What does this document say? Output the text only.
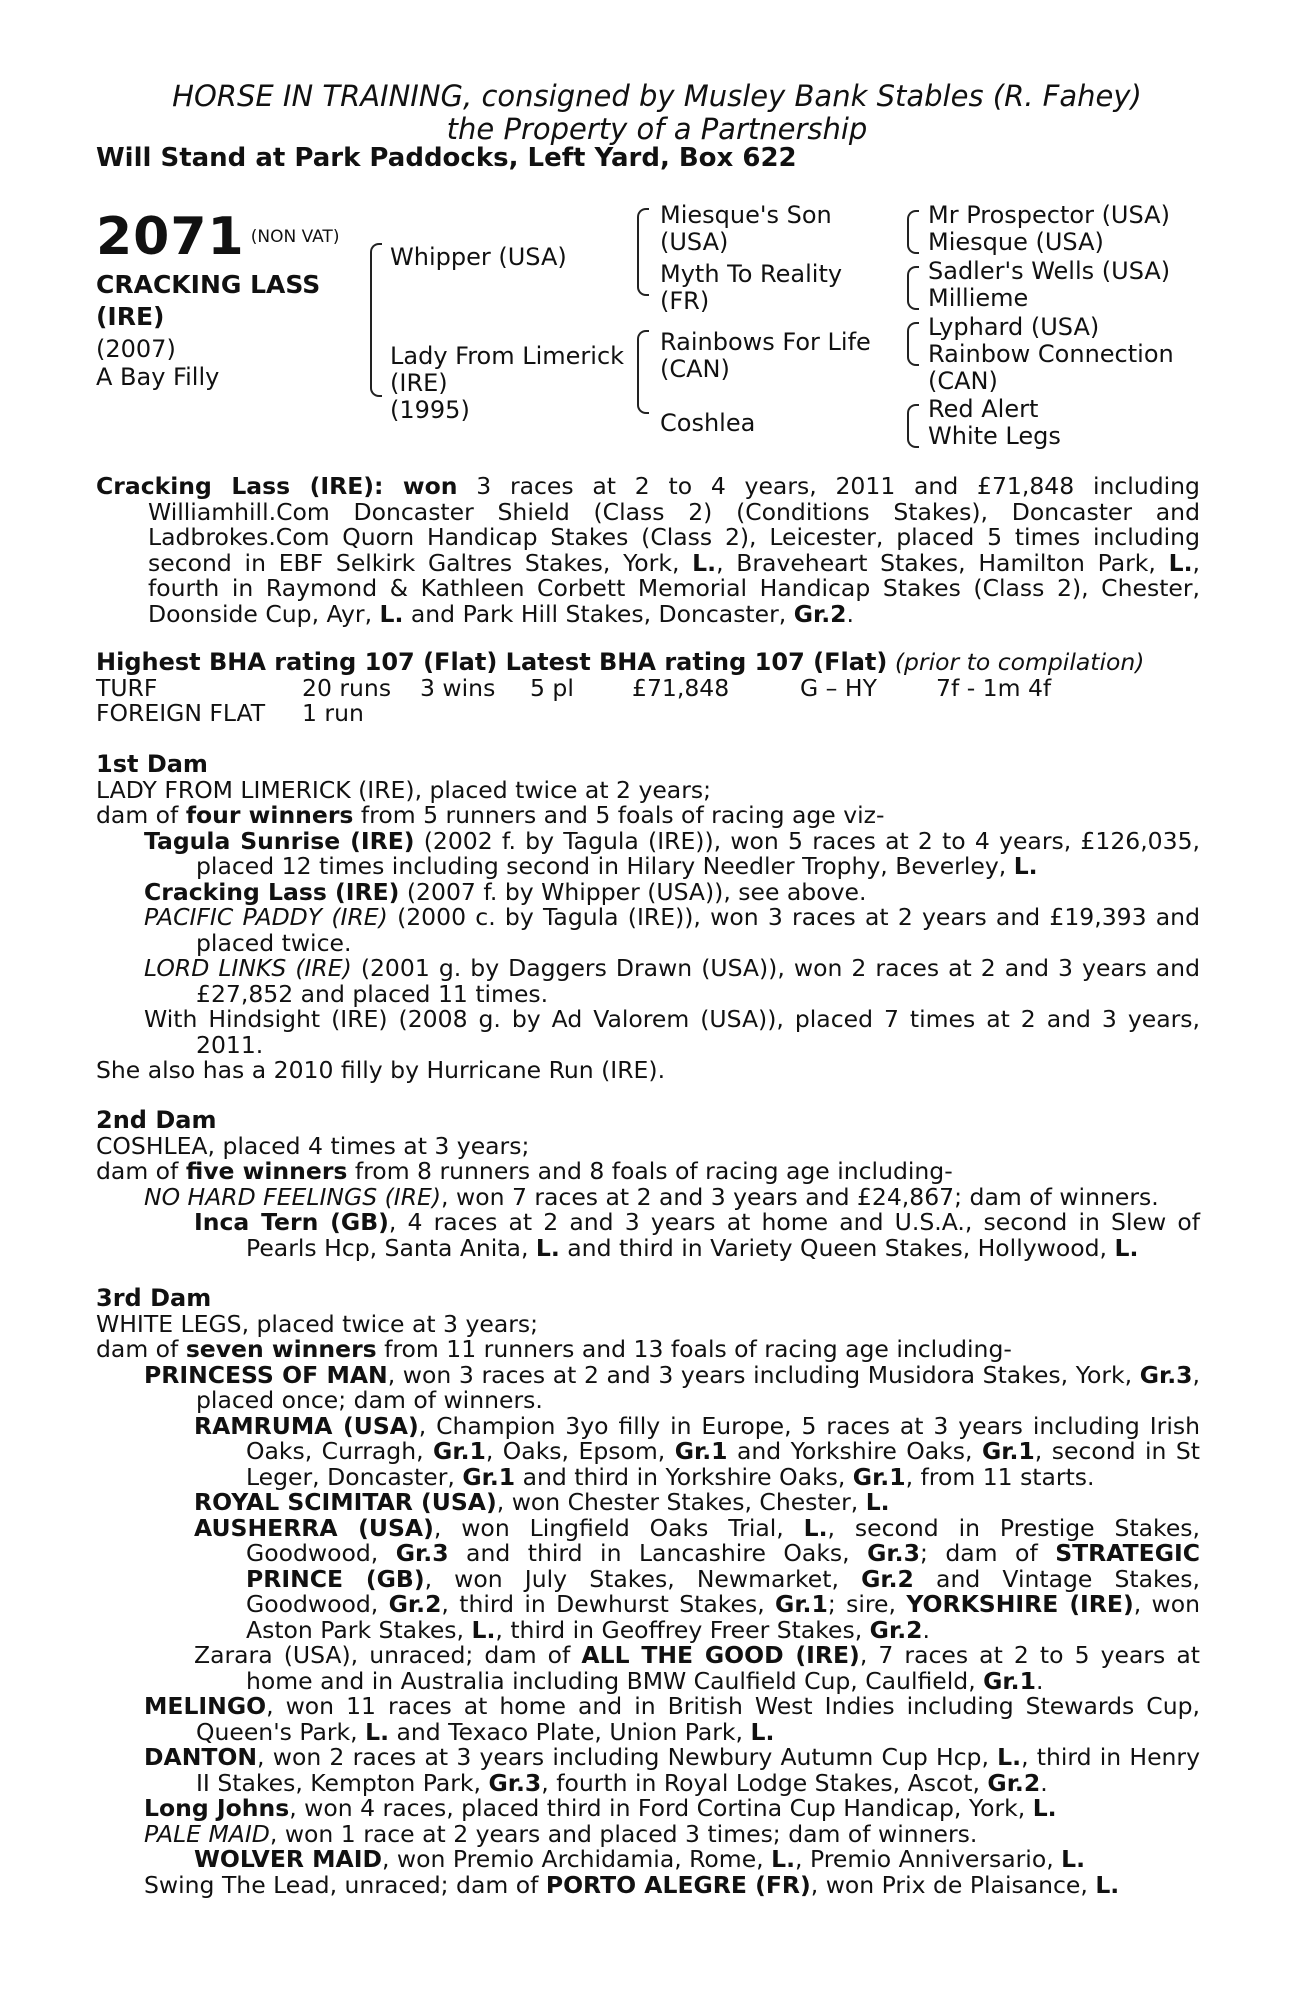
HORSE IN TRAINING, consigned by Musley Bank Stables (R. Fahey)
the Property of a Partnership
Will Stand at Park Paddocks, Left Yard, Box 622
2071 (NON VAT)
CRACKING LASS (IRE)
(2007)
A Bay Filly
Whipper (USA)
Lady From Limerick (IRE)
(1995)
Miesque's Son (USA)
Myth To Reality (FR)
Rainbows For Life (CAN)
Coshlea
Mr Prospector (USA)
Miesque (USA)
Sadler's Wells (USA)
Millieme
Lyphard (USA)
Rainbow Connection (CAN)
Red Alert
White Legs

Cracking Lass (IRE): won 3 races at 2 to 4 years, 2011 and £71,848 including Williamhill.Com Doncaster Shield (Class 2) (Conditions Stakes), Doncaster and Ladbrokes.Com Quorn Handicap Stakes (Class 2), Leicester, placed 5 times including second in EBF Selkirk Galtres Stakes, York, L., Braveheart Stakes, Hamilton Park, L., fourth in Raymond & Kathleen Corbett Memorial Handicap Stakes (Class 2), Chester, Doonside Cup, Ayr, L. and Park Hill Stakes, Doncaster, Gr.2.

Highest BHA rating 107 (Flat) Latest BHA rating 107 (Flat) (prior to compilation)

TURF	20 runs	3 wins	5 pl	£71,848	G – HY	7f - 1m 4f
FOREIGN FLAT	1 run

1st Dam

LADY FROM LIMERICK (IRE), placed twice at 2 years;

dam of four winners from 5 runners and 5 foals of racing age viz-

Tagula Sunrise (IRE) (2002 f. by Tagula (IRE)), won 5 races at 2 to 4 years, £126,035, placed 12 times including second in Hilary Needler Trophy, Beverley, L.

Cracking Lass (IRE) (2007 f. by Whipper (USA)), see above.

PACIFIC PADDY (IRE) (2000 c. by Tagula (IRE)), won 3 races at 2 years and £19,393 and placed twice.

LORD LINKS (IRE) (2001 g. by Daggers Drawn (USA)), won 2 races at 2 and 3 years and £27,852 and placed 11 times.

With Hindsight (IRE) (2008 g. by Ad Valorem (USA)), placed 7 times at 2 and 3 years, 2011.

She also has a 2010 filly by Hurricane Run (IRE).

2nd Dam

COSHLEA, placed 4 times at 3 years;

dam of five winners from 8 runners and 8 foals of racing age including-

NO HARD FEELINGS (IRE), won 7 races at 2 and 3 years and £24,867; dam of winners.

Inca Tern (GB), 4 races at 2 and 3 years at home and U.S.A., second in Slew of Pearls Hcp, Santa Anita, L. and third in Variety Queen Stakes, Hollywood, L.

3rd Dam

WHITE LEGS, placed twice at 3 years;

dam of seven winners from 11 runners and 13 foals of racing age including-

PRINCESS OF MAN, won 3 races at 2 and 3 years including Musidora Stakes, York, Gr.3, placed once; dam of winners.

RAMRUMA (USA), Champion 3yo filly in Europe, 5 races at 3 years including Irish Oaks, Curragh, Gr.1, Oaks, Epsom, Gr.1 and Yorkshire Oaks, Gr.1, second in St Leger, Doncaster, Gr.1 and third in Yorkshire Oaks, Gr.1, from 11 starts.

ROYAL SCIMITAR (USA), won Chester Stakes, Chester, L.

AUSHERRA (USA), won Lingfield Oaks Trial, L., second in Prestige Stakes, Goodwood, Gr.3 and third in Lancashire Oaks, Gr.3; dam of STRATEGIC PRINCE (GB), won July Stakes, Newmarket, Gr.2 and Vintage Stakes, Goodwood, Gr.2, third in Dewhurst Stakes, Gr.1; sire, YORKSHIRE (IRE), won Aston Park Stakes, L., third in Geoffrey Freer Stakes, Gr.2.

Zarara (USA), unraced; dam of ALL THE GOOD (IRE), 7 races at 2 to 5 years at home and in Australia including BMW Caulfield Cup, Caulfield, Gr.1.

MELINGO, won 11 races at home and in British West Indies including Stewards Cup, Queen's Park, L. and Texaco Plate, Union Park, L.

DANTON, won 2 races at 3 years including Newbury Autumn Cup Hcp, L., third in Henry II Stakes, Kempton Park, Gr.3, fourth in Royal Lodge Stakes, Ascot, Gr.2.

Long Johns, won 4 races, placed third in Ford Cortina Cup Handicap, York, L.

PALE MAID, won 1 race at 2 years and placed 3 times; dam of winners.

WOLVER MAID, won Premio Archidamia, Rome, L., Premio Anniversario, L.

Swing The Lead, unraced; dam of PORTO ALEGRE (FR), won Prix de Plaisance, L.
